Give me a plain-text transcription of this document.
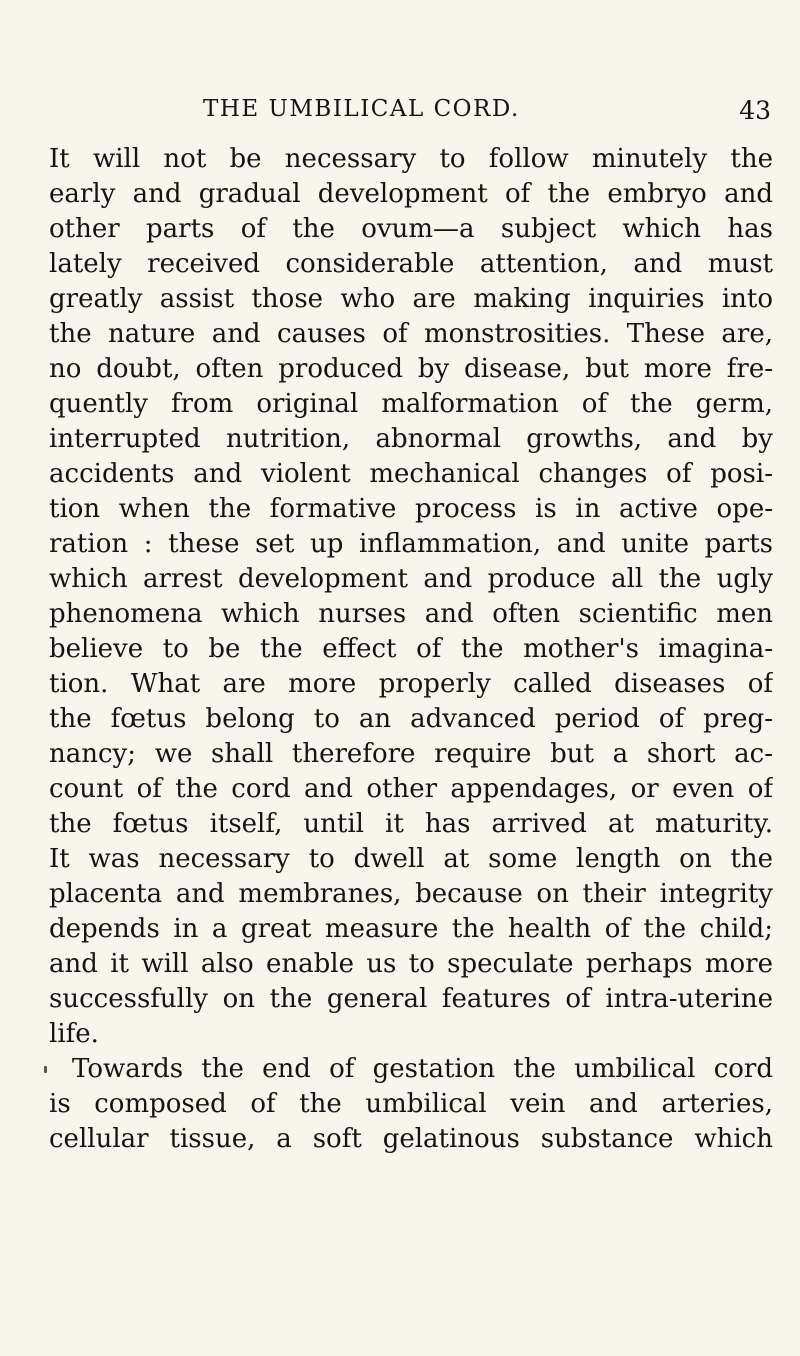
THE UMBILICAL CORD.	43
It will not be necessary to follow minutely the
early and gradual development of the embryo and
other parts of the ovum—a subject which has
lately received considerable attention, and must
greatly assist those who are making inquiries into
the nature and causes of monstrosities. These are,
no doubt, often produced by disease, but more fre-
quently from original malformation of the germ,
interrupted nutrition, abnormal growths, and by
accidents and violent mechanical changes of posi-
tion when the formative process is in active ope-
ration : these set up inflammation, and unite parts
which arrest development and produce all the ugly
phenomena which nurses and often scientific men
believe to be the effect of the mother's imagina-
tion. What are more properly called diseases of
the fœtus belong to an advanced period of preg-
nancy; we shall therefore require but a short ac-
count of the cord and other appendages, or even of
the fœtus itself, until it has arrived at maturity.
It was necessary to dwell at some length on the
placenta and membranes, because on their integrity
depends in a great measure the health of the child;
and it will also enable us to speculate perhaps more
successfully on the general features of intra-uterine
life.
Towards the end of gestation the umbilical cord
is composed of the umbilical vein and arteries,
cellular tissue, a soft gelatinous substance which
